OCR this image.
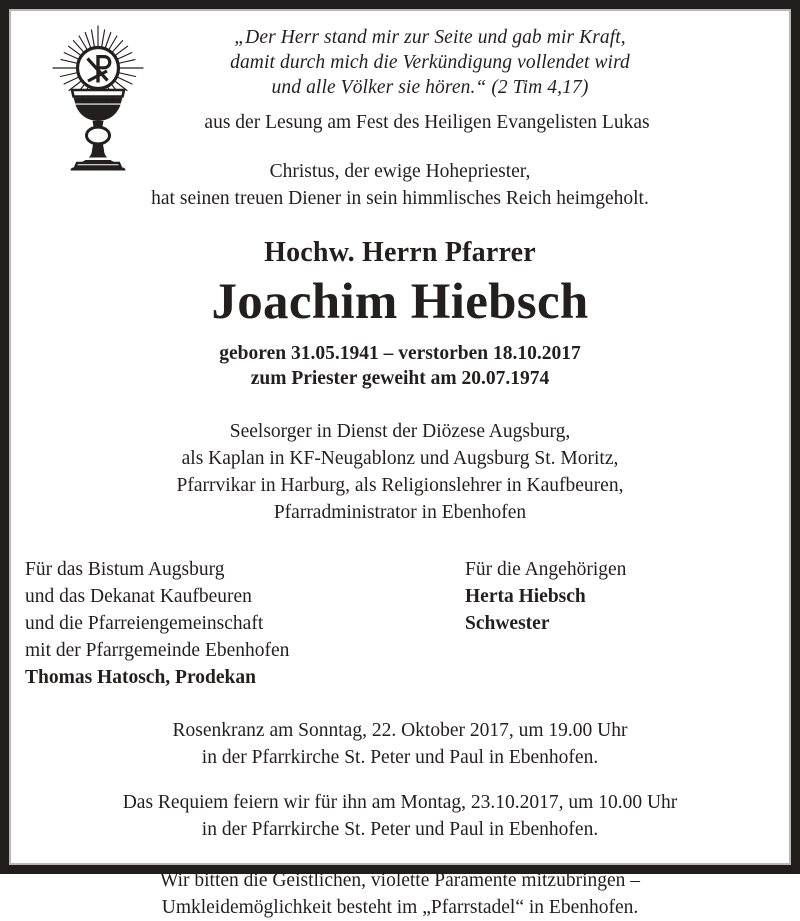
„Der Herr stand mir zur Seite und gab mir Kraft,
damit durch mich die Verkündigung vollendet wird
und alle Völker sie hören.“ (2 Tim 4,17)
aus der Lesung am Fest des Heiligen Evangelisten Lukas
Christus, der ewige Hohepriester,
hat seinen treuen Diener in sein himmlisches Reich heimgeholt.
Hochw. Herrn Pfarrer
Joachim Hiebsch
geboren 31.05.1941 – verstorben 18.10.2017
zum Priester geweiht am 20.07.1974
Seelsorger in Dienst der Diözese Augsburg,
als Kaplan in KF-Neugablonz und Augsburg St. Moritz,
Pfarrvikar in Harburg, als Religionslehrer in Kaufbeuren,
Pfarradministrator in Ebenhofen
Für das Bistum Augsburg
und das Dekanat Kaufbeuren
und die Pfarreiengemeinschaft
mit der Pfarrgemeinde Ebenhofen
Thomas Hatosch, Prodekan
Für die Angehörigen
Herta Hiebsch
Schwester
Rosenkranz am Sonntag, 22. Oktober 2017, um 19.00 Uhr
in der Pfarrkirche St. Peter und Paul in Ebenhofen.
Das Requiem feiern wir für ihn am Montag, 23.10.2017, um 10.00 Uhr
in der Pfarrkirche St. Peter und Paul in Ebenhofen.
Wir bitten die Geistlichen, violette Paramente mitzubringen –
Umkleidemöglichkeit besteht im „Pfarrstadel“ in Ebenhofen.
